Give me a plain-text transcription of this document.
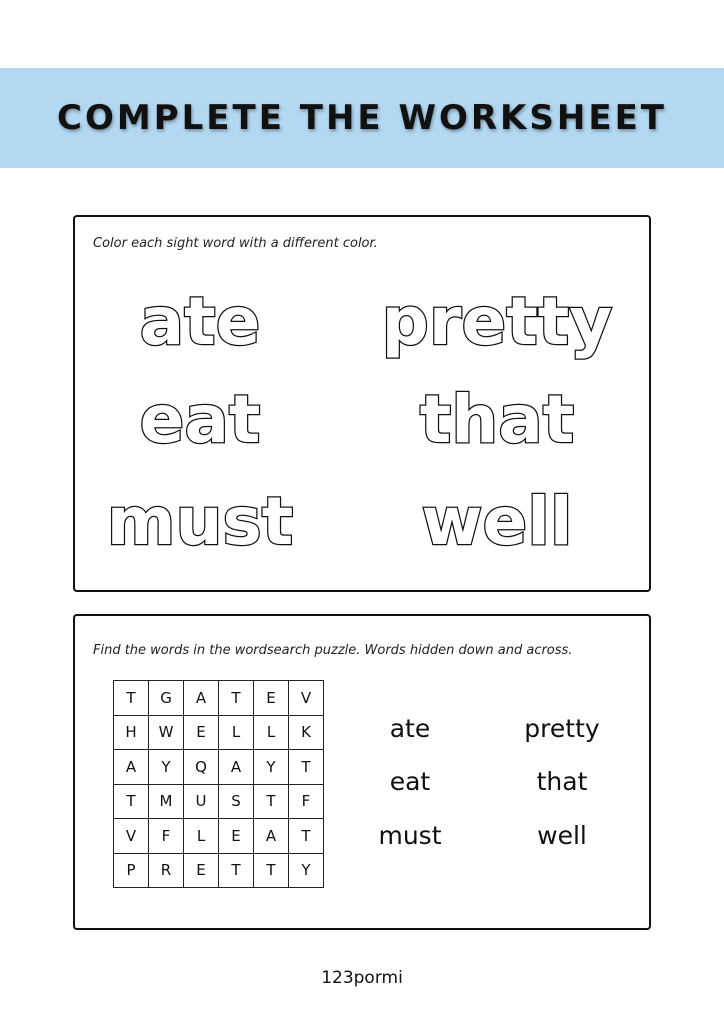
COMPLETE THE WORKSHEET
Color each sight word with a different color.
ate	pretty
eat	that
must	well
Find the words in the wordsearch puzzle. Words hidden down and across.
T	G	A	T	E	V
H	W	E	L	L	K
A	Y	Q	A	Y	T
T	M	U	S	T	F
V	F	L	E	A	T
P	R	E	T	T	Y
ate	pretty
eat	that
must	well
123pormi
